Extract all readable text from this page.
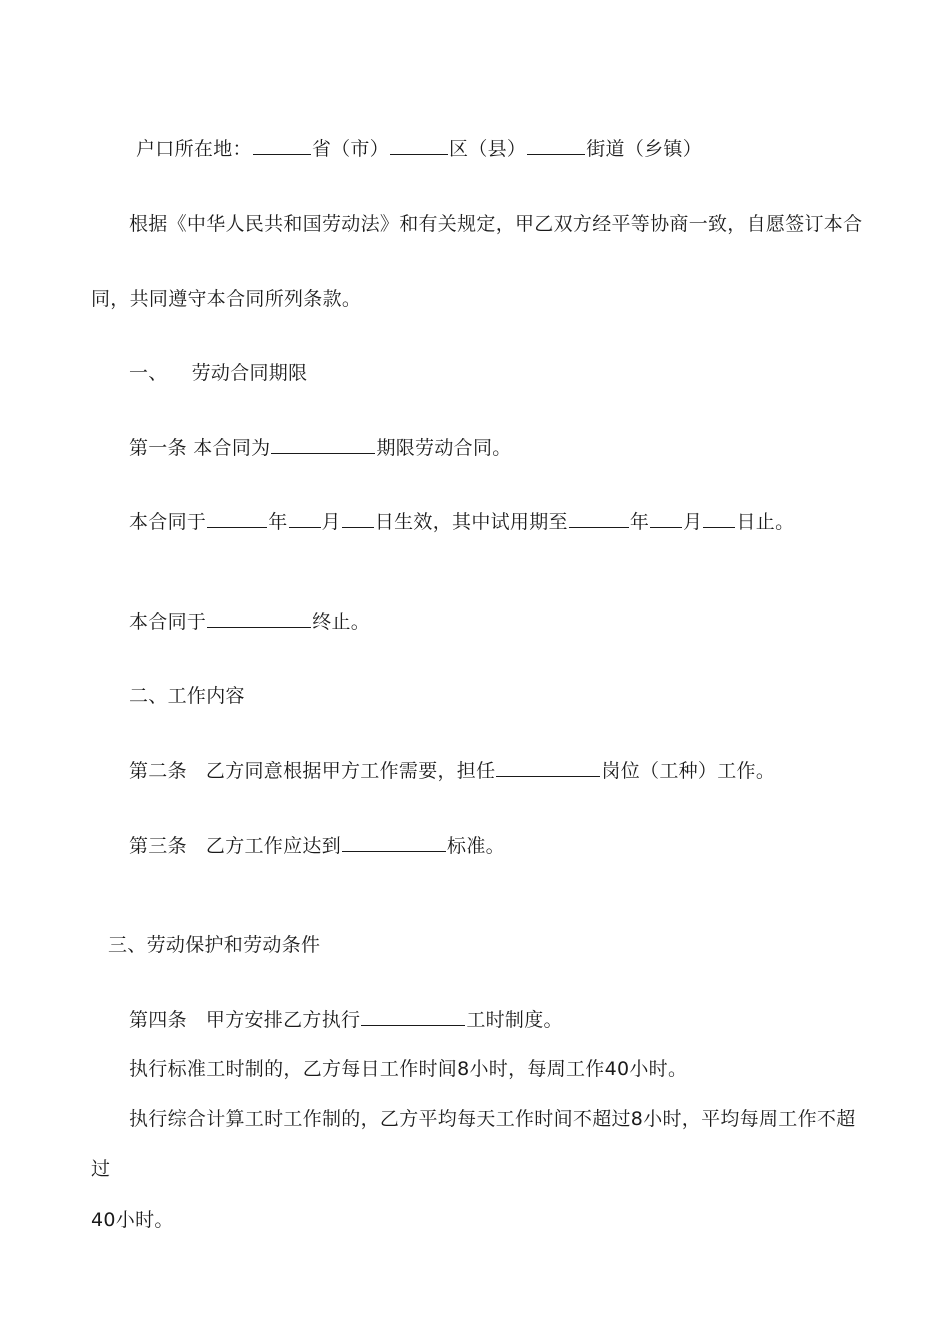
户口所在地：	省（市）	区（县）	街道（乡镇）
根据《中华人民共和国劳动法》和有关规定，甲乙双方经平等协商一致，自愿签订本合
同，共同遵守本合同所列条款。
一、 劳动合同期限
第一条 本合同为	期限劳动合同。
本合同于	年 月 日生效，其中试用期至	年 月 日止。
本合同于	终止。
二、工作内容
第二条 乙方同意根据甲方工作需要，担任	岗位（工种）工作。
第三条 乙方工作应达到	标准。
三、劳动保护和劳动条件
第四条 甲方安排乙方执行	工时制度。
执行标准工时制的，乙方每日工作时间8小时，每周工作40小时。
执行综合计算工时工作制的，乙方平均每天工作时间不超过8小时，平均每周工作不超
过
40小时。
